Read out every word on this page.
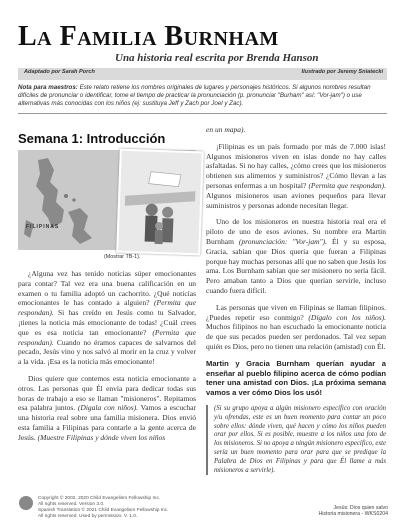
La Familia Burnham
Una historia real escrita por Brenda Hanson
Adaptado por Sarah Porch	Ilustrado por Jeremy Sniatecki
Nota para maestros: Este relato retiene los nombres originales de lugares y personajes históricos. Si algunos nombres resultan difíciles de pronunciar o identificar, tome el tiempo de practicar la pronunciación (p. pronunciar "Burham" así: "Vor-jam") o use alternativas más conocidas con los niños (ej: sustituya Jeff y Zach por Joel y Zac).
Semana 1: Introducción
FILIPINAS
(Mostrar TB-1).

¿Alguna vez has tenido noticias súper emocionantes para contar? Tal vez era una buena calificación en un examen o tu familia adoptó un cachorrito. ¿Qué noticias emocionantes le has contado a alguien? (Permita que respondan). Si has creído en Jesús como tu Salvador, ¡tienes la noticia más emocionante de todas! ¿Cuál crees que es esa noticia tan emocionante? (Permita que respondan). Cuando no éramos capaces de salvarnos del pecado, Jesús vino y nos salvó al morir en la cruz y volver a la vida. ¡Esa es la noticia más emocionante!

Dios quiere que contemos esta noticia emocionante a otros. Las personas que Él envía para dedicar todas sus horas de trabajo a eso se llaman "misioneros". Repitamos esa palabra juntos. (Digala con niños). Vamos a escuchar una historia real sobre una familia misionera. Dios envió esta familia a Filipinas para contarle a la gente acerca de Jesús. (Muestre Filipinas y dónde viven los niños

en un mapa).

¡Filipinas es un país formado por más de 7.000 islas! Algunos misioneros viven en islas donde no hay calles asfaltadas. Si no hay calles, ¿cómo crees que los misioneros obtienen sus alimentos y suministros? ¿Cómo llevan a las personas enfermas a un hospital? (Permita que respondan). Algunos misioneros usan aviones pequeños para llevar suministros y personas adonde necesitan llegar.

Uno de los misioneros en nuestra historia real era el piloto de uno de esos aviones. Su nombre era Martin Burnham (pronunciación: "Vor-jam"). Él y su esposa, Gracia, sabían que Dios quería que fueran a Filipinas porque hay muchas personas allí que no saben que Jesús los ama. Los Burnham sabían que ser misionero no sería fácil. Pero amaban tanto a Dios que querían servirle, incluso cuando fuera difícil.

Las personas que viven en Filipinas se llaman filipinos. ¿Puedes repetir eso conmigo? (Dígalo con los niños). Muchos filipinos no han escuchado la emocionante noticia de que sus pecados pueden ser perdonados. Tal vez sepan quién es Dios, pero no tienen una relación (amistad) con Él.

Martin y Gracia Burnham querían ayudar a enseñar al pueblo filipino acerca de cómo podían tener una amistad con Dios. ¡La próxima semana vamos a ver cómo Dios los usó!

(Si su grupo apoya a algún misionero específico con oración y/u ofrendas, este es un buen momento para contar un poco sobre ellos: dónde viven, qué hacen y cómo los niños pueden orar por ellos. Si es posible, muestre a los niños una foto de los misioneros. Si no apoya a ningún misionero específico, este sería un buen momento para orar para que se predique la Palabra de Dios en Filipinas y para que Él llame a más misioneros a servirle).
Copyright © 2002, 2020 Child Evangelism Fellowship Inc.
All rights reserved. Version 3.0.
Spanish Translation © 2021 Child Evangelism Fellowship Inc.
All rights reserved. Used by permission. V. 1.0.
Jesús: Dios quien salvo
Historia misionera - WKS0204
